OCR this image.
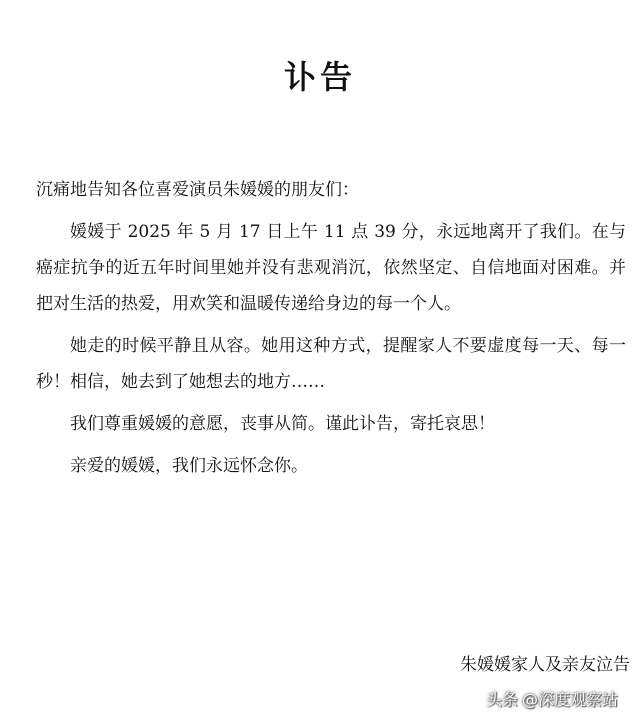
讣告

沉痛地告知各位喜爱演员朱媛媛的朋友们：

媛媛于 2025 年 5 月 17 日上午 11 点 39 分，永远地离开了我们。在与癌症抗争的近五年时间里她并没有悲观消沉，依然坚定、自信地面对困难。并把对生活的热爱，用欢笑和温暖传递给身边的每一个人。

她走的时候平静且从容。她用这种方式，提醒家人不要虚度每一天、每一秒！相信，她去到了她想去的地方……

我们尊重媛媛的意愿，丧事从简。谨此讣告，寄托哀思！

亲爱的媛媛，我们永远怀念你。

朱媛媛家人及亲友泣告
头条 @深度观察站
